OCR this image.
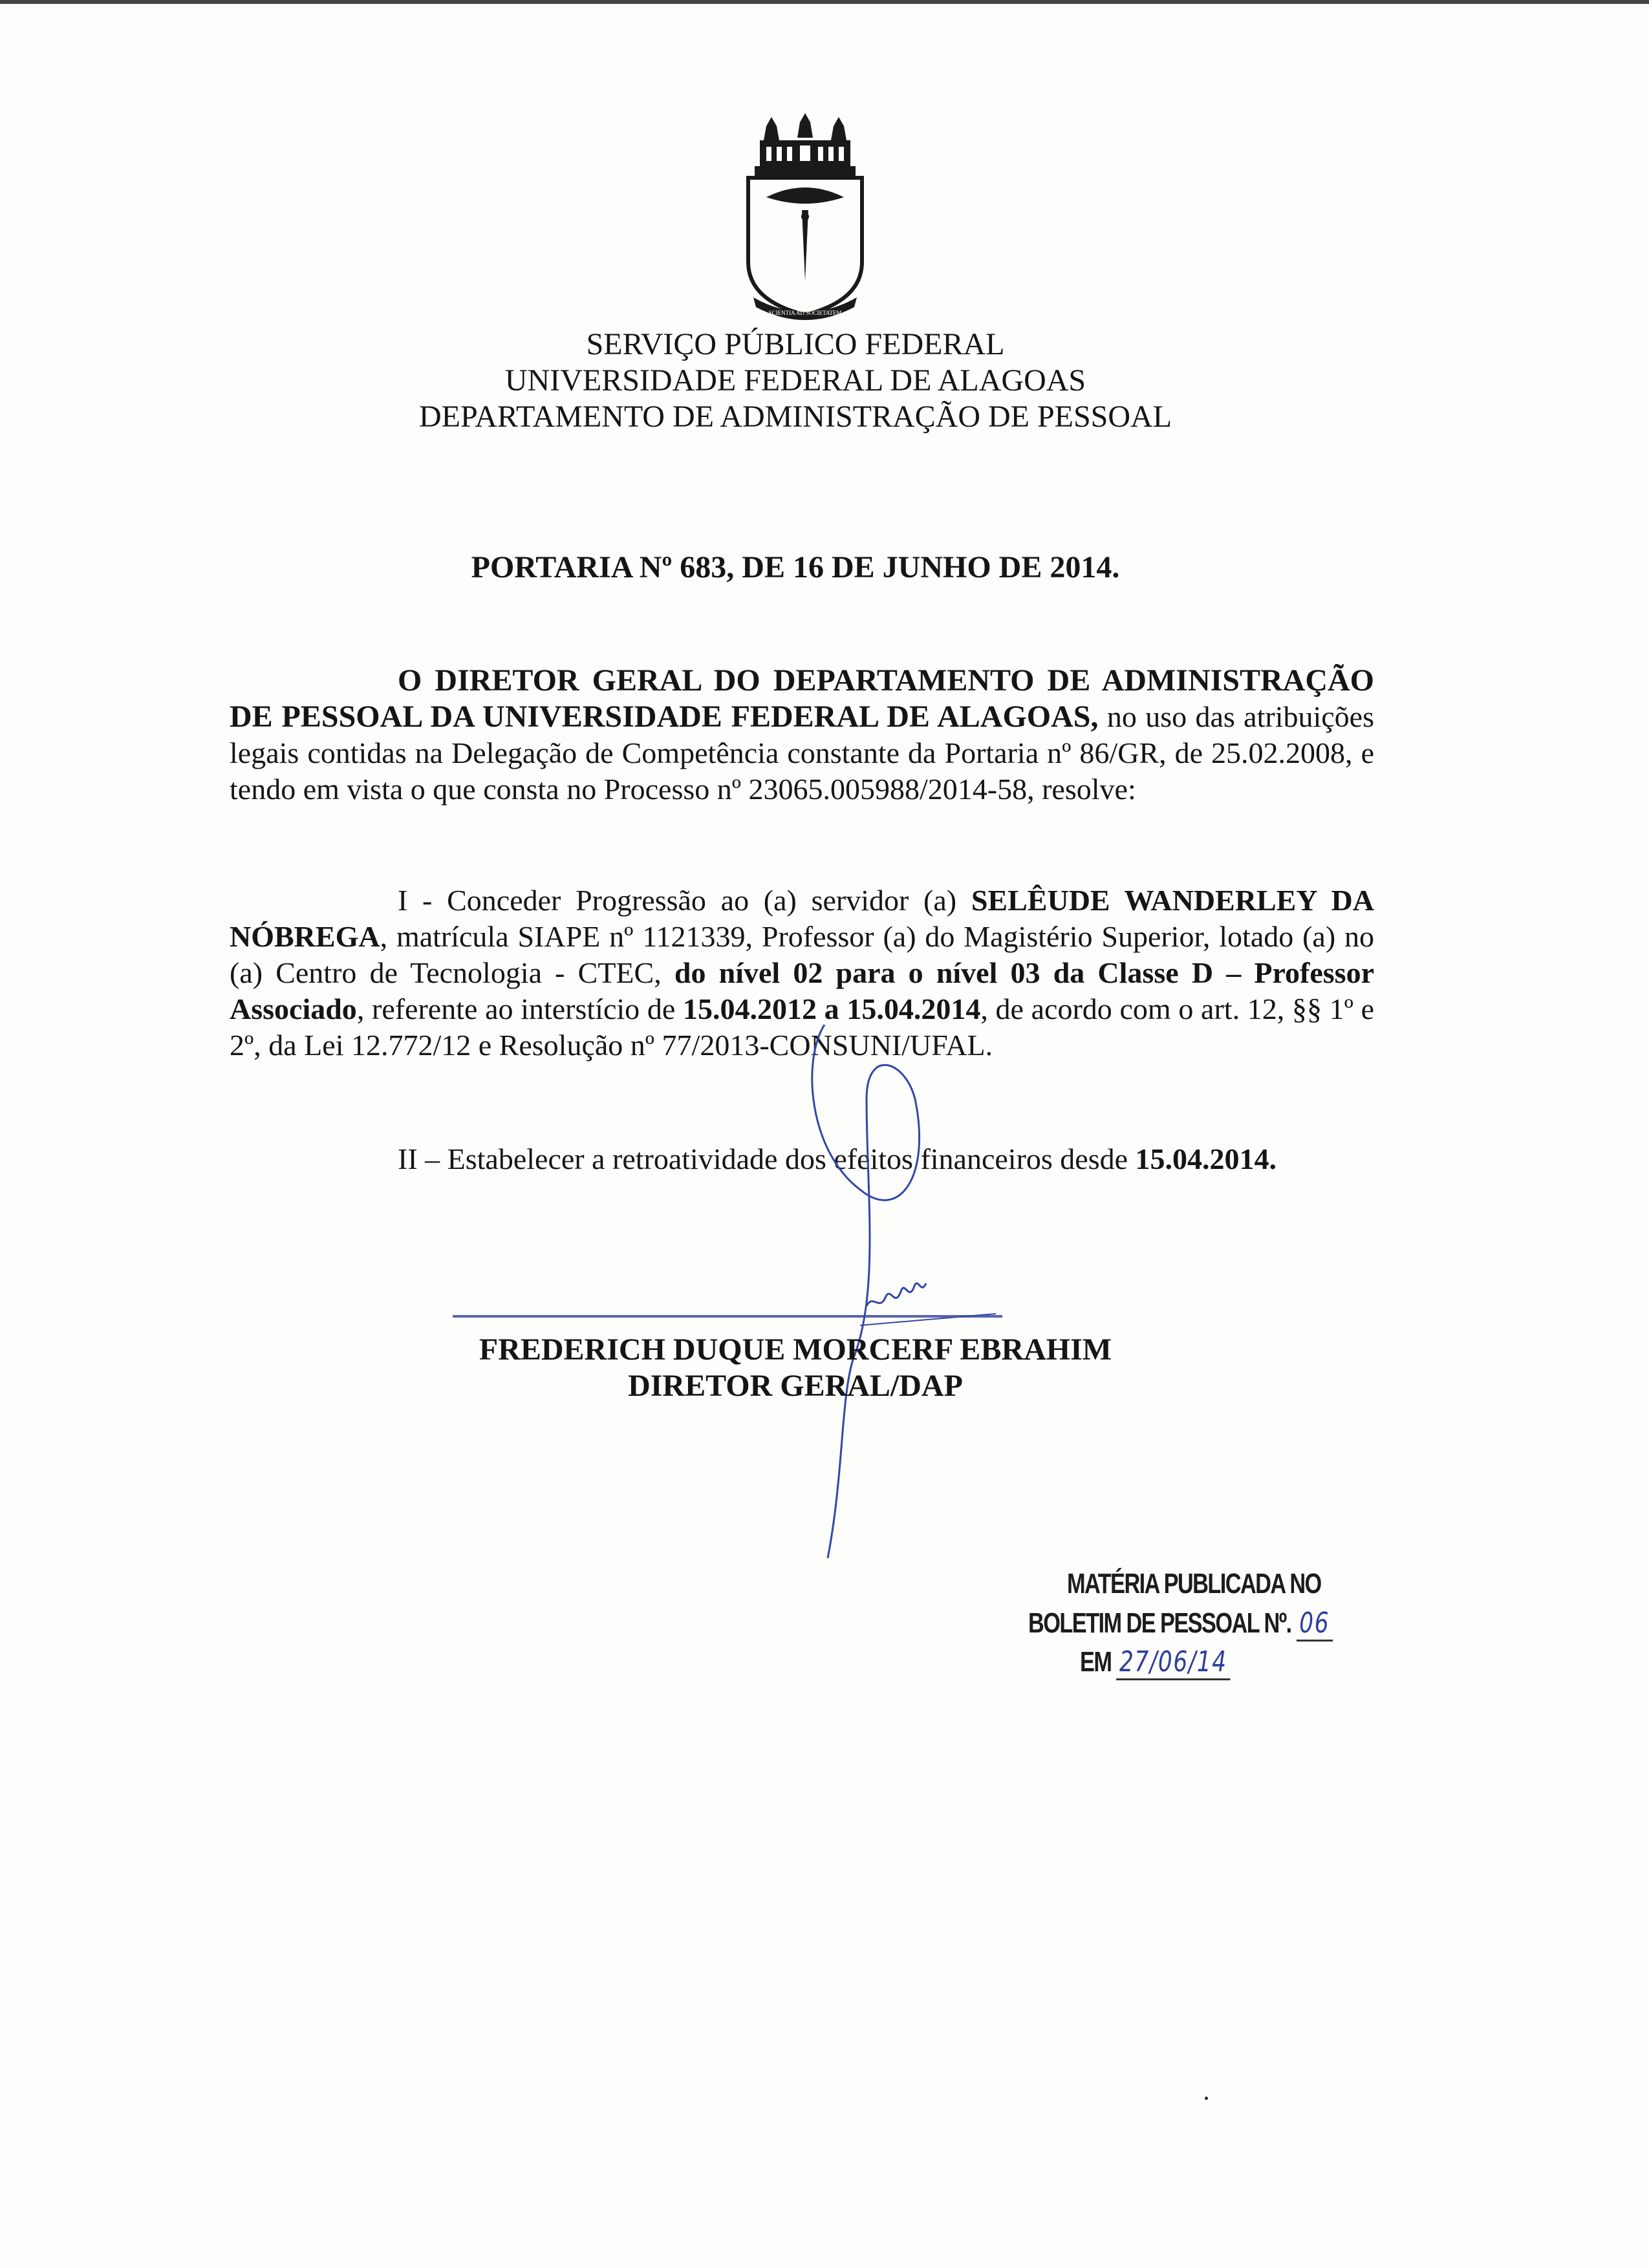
SCIENTIA AD SOCIETATEM
SERVIÇO PÚBLICO FEDERAL
UNIVERSIDADE FEDERAL DE ALAGOAS
DEPARTAMENTO DE ADMINISTRAÇÃO DE PESSOAL
PORTARIA Nº 683, DE 16 DE JUNHO DE 2014.

O DIRETOR GERAL DO DEPARTAMENTO DE ADMINISTRAÇÃO DE PESSOAL DA UNIVERSIDADE FEDERAL DE ALAGOAS, no uso das atribuições legais contidas na Delegação de Competência constante da Portaria nº 86/GR, de 25.02.2008, e tendo em vista o que consta no Processo nº 23065.005988/2014-58, resolve:

I - Conceder Progressão ao (a) servidor (a) SELÊUDE WANDERLEY DA NÓBREGA, matrícula SIAPE nº 1121339, Professor (a) do Magistério Superior, lotado (a) no (a) Centro de Tecnologia - CTEC, do nível 02 para o nível 03 da Classe D – Professor Associado, referente ao interstício de 15.04.2012 a 15.04.2014, de acordo com o art. 12, §§ 1º e 2º, da Lei 12.772/12 e Resolução nº 77/2013-CONSUNI/UFAL.

II – Estabelecer a retroatividade dos efeitos financeiros desde 15.04.2014.

FREDERICH DUQUE MORCERF EBRAHIM
DIRETOR GERAL/DAP
MATÉRIA PUBLICADA NO
BOLETIM DE PESSOAL Nº. 06
EM 27/06/14
